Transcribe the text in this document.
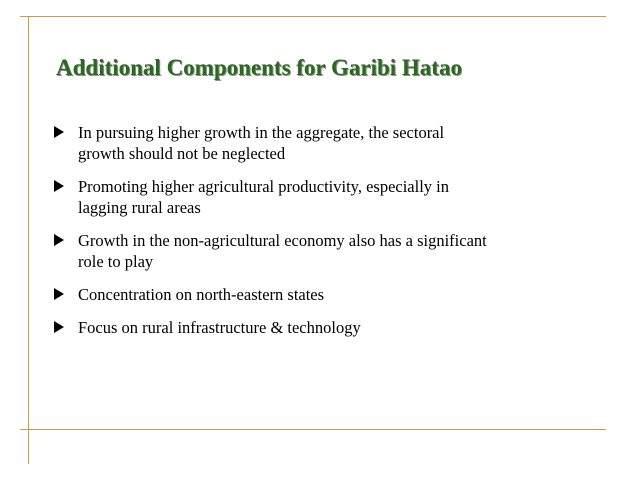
Additional Components for Garibi Hatao
In pursuing higher growth in the aggregate, the sectoral
growth should not be neglected
Promoting higher agricultural productivity, especially in
lagging rural areas
Growth in the non-agricultural economy also has a significant
role to play
Concentration on north-eastern states
Focus on rural infrastructure & technology
